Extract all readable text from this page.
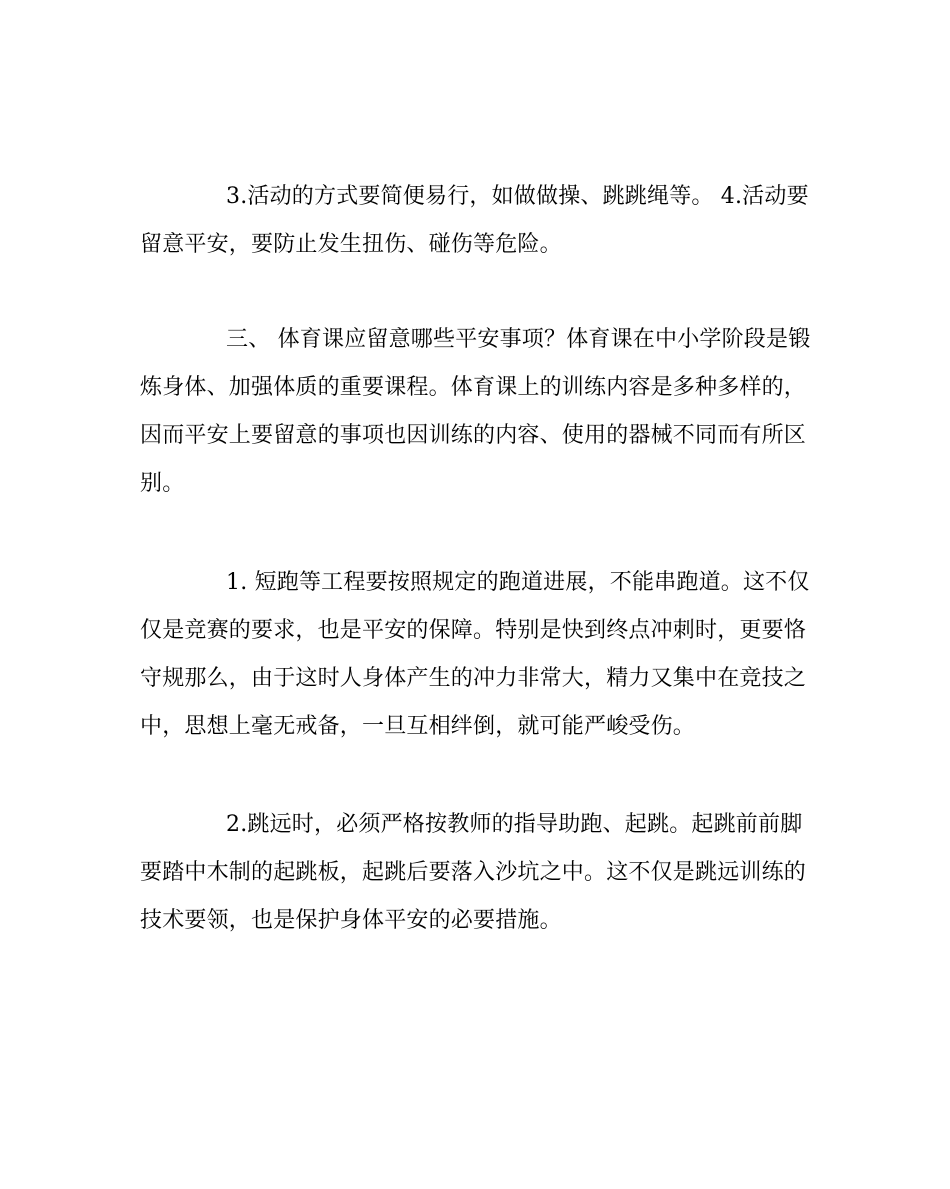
3.活动的方式要简便易行，如做做操、跳跳绳等。 4.活动要
留意平安，要防止发生扭伤、碰伤等危险。
三、 体育课应留意哪些平安事项？体育课在中小学阶段是锻
炼身体、加强体质的重要课程。体育课上的训练内容是多种多样的，
因而平安上要留意的事项也因训练的内容、使用的器械不同而有所区
别。
1. 短跑等工程要按照规定的跑道进展，不能串跑道。这不仅
仅是竞赛的要求，也是平安的保障。特别是快到终点冲刺时，更要恪
守规那么，由于这时人身体产生的冲力非常大，精力又集中在竞技之
中，思想上毫无戒备，一旦互相绊倒，就可能严峻受伤。
2.跳远时，必须严格按教师的指导助跑、起跳。起跳前前脚
要踏中木制的起跳板，起跳后要落入沙坑之中。这不仅是跳远训练的
技术要领，也是保护身体平安的必要措施。
